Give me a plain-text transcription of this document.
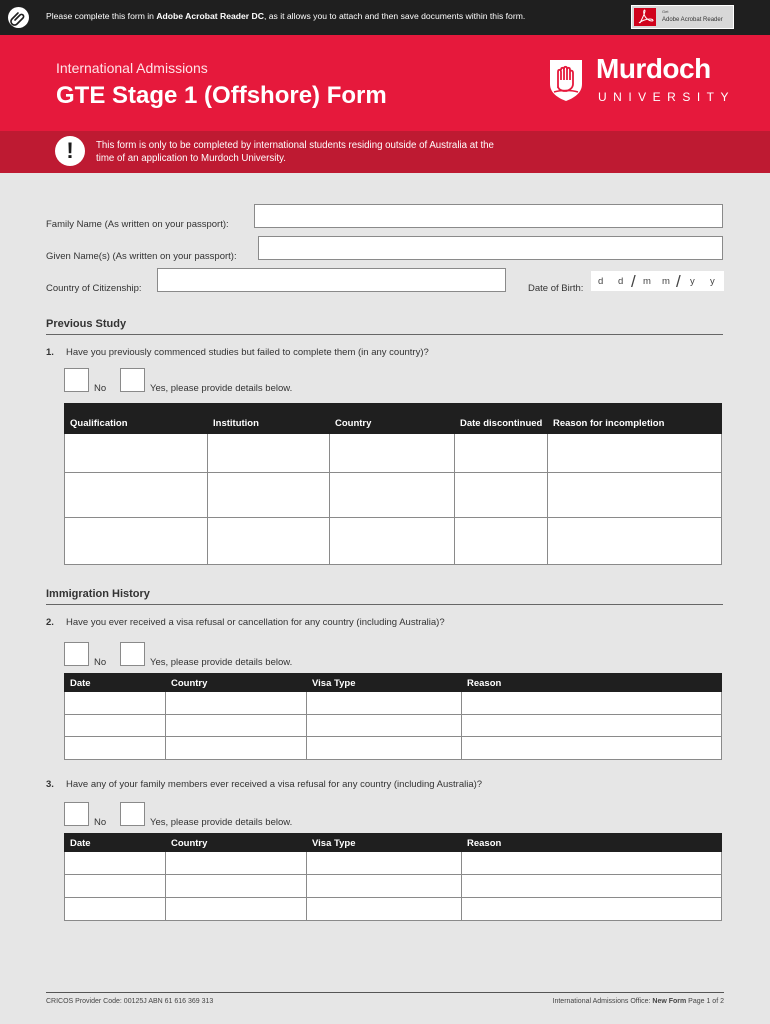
Please complete this form in Adobe Acrobat Reader DC, as it allows you to attach and then save documents within this form.	Get
Adobe Acrobat Reader
International Admissions
GTE Stage 1 (Offshore) Form
Murdoch
UNIVERSITY
!	This form is only to be completed by international students residing outside of Australia at the time of an application to Murdoch University.
Family Name (As written on your passport):
Given Name(s) (As written on your passport):
Country of Citizenship:	Date of Birth:
d d / m m / y y
Previous Study
1. Have you previously commenced studies but failed to complete them (in any country)?
No	Yes, please provide details below.
Qualification	Institution	Country	Date discontinued	Reason for incompletion

Immigration History
2. Have you ever received a visa refusal or cancellation for any country (including Australia)?
No	Yes, please provide details below.
Date	Country	Visa Type	Reason

3. Have any of your family members ever received a visa refusal for any country (including Australia)?
No	Yes, please provide details below.
Date	Country	Visa Type	Reason

CRICOS Provider Code: 00125J ABN 61 616 369 313	International Admissions Office: New Form Page 1 of 2
